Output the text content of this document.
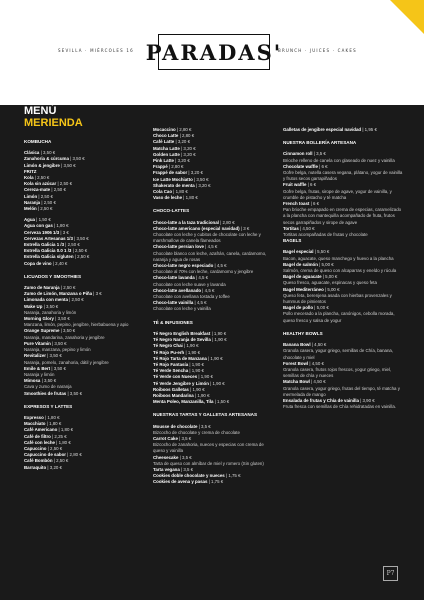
SEVILLA · MIÉRCOLES 16 PARADAS'
BRUNCH · JUICES · CAKES
MENÚ
MERIENDA
KOMBUCHA
Clásica | 3,50 €
Zanahoria & cúrcuma | 3,50 €
Limón & jengibre | 3,50 €
FRITZ
Kola | 2,50 €
Kola sin azúcar | 2,50 €
Cereza-mate | 2,50 €
Limón | 2,50 €
Naranja | 2,50 €
Melón | 2,50 €
Agua | 1,50 €
Agua con gas | 1,80 €
Cerveza 1906 1/3 | 3 €
Cervezas Artesanas 1/3 | 3,50 €
Estrella Galicia 1 /3 | 2,50 €
Estrella Galicia 0.0 1 /3 | 2,50 €
Estrella Galicia s/gluten | 2,50 €
Copa de vino | 2,40 €
LICUADOS Y SMOOTHIES
Zumo de Naranja | 2,50 €
Zumo de Limón, Manzana o Piña | 3 €
Limonada con menta | 2,50 €
Wake Up | 3,50 €
Naranja, zanahoria y limón
Morning Glory | 3,50 €
Manzana, limón, pepino, jengibre, hierbabuena y apio
Orange Supreme | 3,50 €
Naranja, mandarina, zanahoria y jengibre
Pure Vitamin | 3,50 €
Naranja, manzana, pepino y limón
Revitalizer | 3,50 €
Naranja, pomelo, zanahoria, dátil y jengibre
Emile & Bert | 3,50 €
Naranja y limón
Mimosa | 3,50 €
Cava y zumo de naranja
Smoothies de frutas | 3,50 €
EXPRESOS Y LATTES
Expresso | 1,80 €
Macchiato | 1,80 €
Café Americano | 1,80 €
Café de filtro | 2,25 €
Café con leche | 1,80 €
Capuccino | 2,50 €
Capuccino de sabor | 2,80 €
Café Bombón | 2,50 €
Barraquito | 3,20 €
Mocaccino | 2,80 €
Choco Latte | 2,80 €
Café Latte | 3,20 €
Matcha Latte | 3,20 €
Golden Latte | 3,20 €
Pink Latte | 3,20 €
Frappé | 2,80 €
Frappé de sabor | 3,20 €
Ice Latte Mochiatto | 3,50 €
Shakerato de menta | 3,20 €
Cola Cao | 1,80 €
Vaso de leche | 1,80 €
CHOCO-LATTES
Choco-latte a la taza tradicional | 2,80 €
Choco-latte americano (especial navidad) | 3 €
Chocolate con leche y cubitos de chocolate con leche y marshmallow de canela flameados
Choco-latte persian love | 4,5 €
Chocolate blanco con leche, azafrán, canela, cardamomo, naranja y agua de rosas
Choco-latte negro especiado | 4,5 €
Chocolate al 70% con leche, cardamomo y jengibre
Choco-latte lavanda | 4,5 €
Chocolate con leche suave y lavanda
Choco-latte avellanado | 4,5 €
Chocolate con avellana tostada y toffee
Choco-latte vainilla | 4,5 €
Chocolate con leche y vainilla
TÉ & INFUSIONES
Té Negro English Breakfast | 1,90 €
Té Negro Naranja de Sevilla | 1,90 €
Té Negro Chai | 1,90 €
Té Rojo Pu-erh | 1,90 €
Té Rojo Tarta de Manzana | 1,90 €
Té Rojo Fantasía | 1,90 €
Té Verde Sencha | 1,90 €
Té Verde con Nueces | 1,90 €
Té Verde Jengibre y Limón | 1,90 €
Roiboos Galletas | 1,90 €
Roiboos Mandarina | 1,90 €
Menta Poleo, Manzanilla, Tila | 1,50 €
NUESTRAS TARTAS Y GALLETAS ARTESANAS
Mousse de chocolate | 3,5 €
Bizcocho de chocolate y crema de chocolate
Carrot Cake | 3,5 €
Bizcocho de zanahoria, nueces y especias con crema de queso y vainilla
Cheesecake | 3,5 €
Tarta de queso con almíbar de miel y romero (Sin gluten)
Tarta vegana | 3,5 €
Cookies doble chocolate y nueces | 1,75 €
Cookies de avena y pasas | 1,75 €
Galletas de jengibre especial navidad | 1,95 €
NUESTRA BOLLERÍA ARTESANA
Cinnamon roll | 3,5 €
Brioche relleno de canela con glaseado de nuez y vainilla
Chocolate waffle | 6 €
Gofre belga, nutella casera vegana, plátano, yogur de vainilla y frutos secos garrapiñados
Fruit waffle | 6 €
Gofre belga, frutas, sirope de agave, yogur de vainilla, y crumble de pistacho y té matcha
French toast | 6 €
Pan brioche empapado en crema de especias, caramelizado a la plancha con mantequilla acompañado de fruta, frutos secos garrapiñados y sirope de agave
Tortitas | 4,50 €
Tortitas acompañadas de frutas y chocolate
BAGELS
Bagel especial | 5,50 €
Bacon, aguacate, queso manchego y huevo a la plancha
Bagel de salmón | 5,00 €
Salmón, crema de queso con alcaparras y eneldo y rúcula
Bagel de aguacate | 5,00 €
Queso fresco, aguacate, espinacas y queso feta
Bagel Mediterráneo | 5,00 €
Queso feta, berenjena asada con hierbas provenzales y hummus de pimientos
Bagel de pollo | 5,00 €
Pollo mecerado a la plancha, canónigos, cebolla morada, queso fresco y salsa de yogur
HEALTHY BOWLS
Banana Bowl | 4,50 €
Granola casera, yogur griego, semillas de Chía, banana, chocolate y miel
Forest Bowl | 4,50 €
Granola casera, frutos rojos frescos, yogur griego, miel, semillas de chía y nueces
Matcha Bowl | 4,50 €
Granola casera, yogur griego, frutas del tiempo, té matcha y mermelada de mango
Ensalada de frutas y Chía de vainilla | 3,90 €
Fruta fresca con semillas de Chía rehidratadas en vainilla.
P7
